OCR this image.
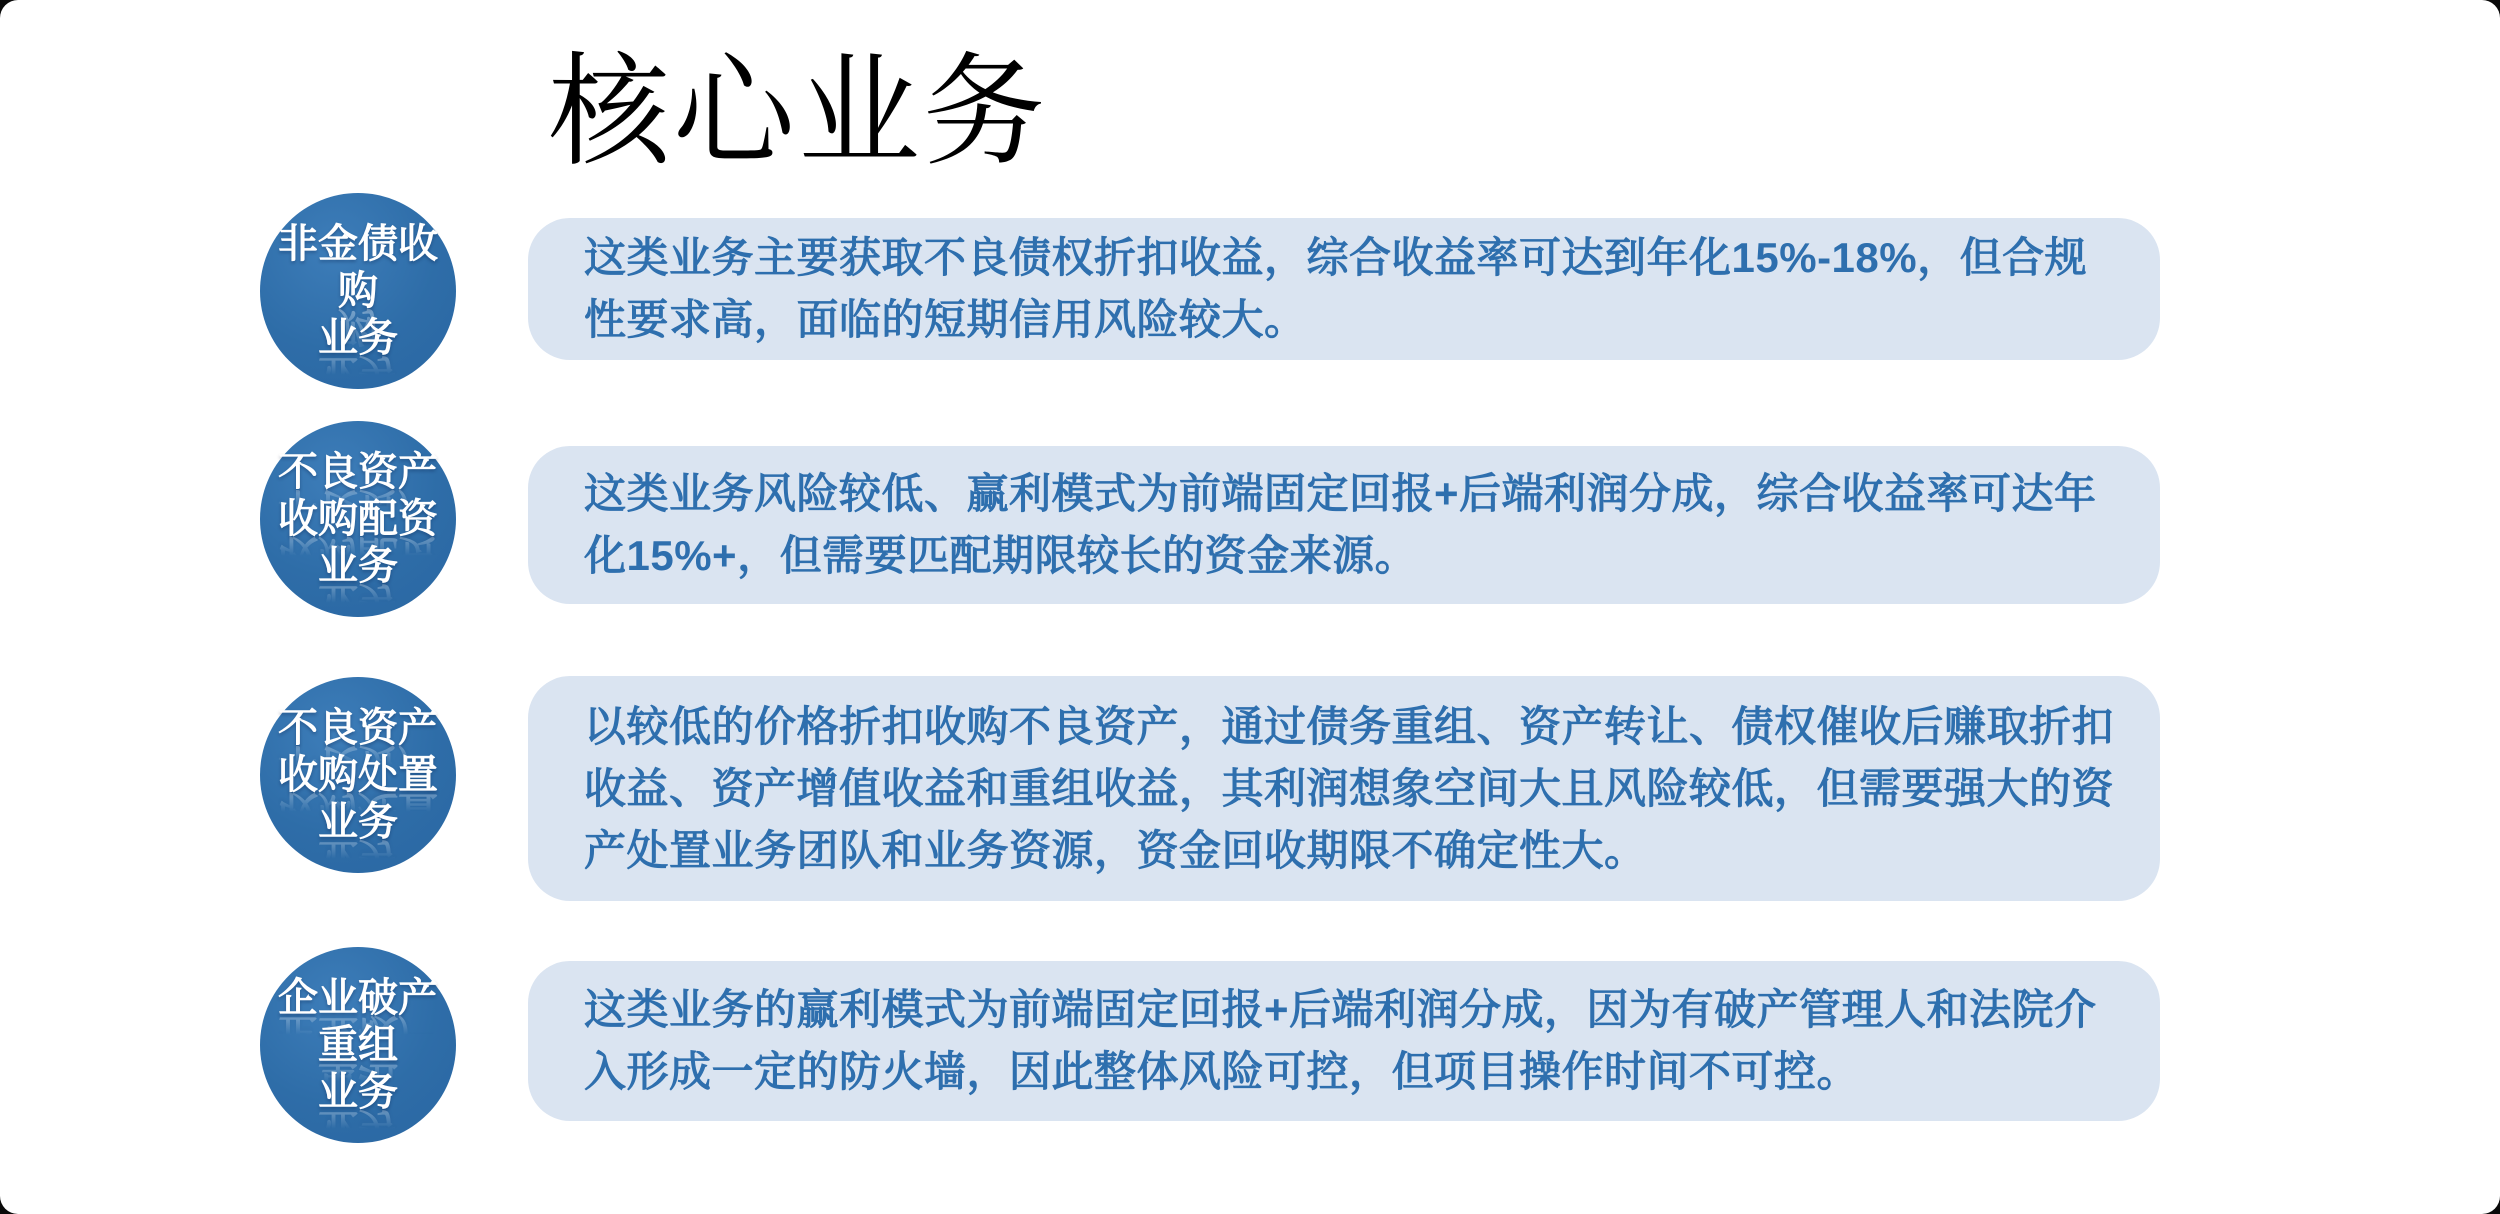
核心业务
非金债收购
业务

这类业务主要获取不良债权折扣收益，综合收益率可达到年化15%-18%，但合规性要求高，面临的短期信用风险较大。

不良资产
收购配资
业务

这类业务风险较低、赢利模式为前端固定回报+后端利润分成，综合收益率可达年化15%+，但需要匹配期限较长的资金来源。

不良资产
收购处置
业务

以较低的价格折扣收购不良资产，通过债务重组、资产转让、债权催收后赚取折扣收益、资产增值收益和重组收益，其利润想象空间大且风险较低，但需要强大的资产处置业务团队和业务资源，资金回收期限不确定性大。

企业破产
重组
业务

这类业务的赢利模式为前端固定回报+后端利润分成，因为有破产管理人和法院介入形成一定的防火墙，因此整体风险可控，但项目操作时间不可控。
